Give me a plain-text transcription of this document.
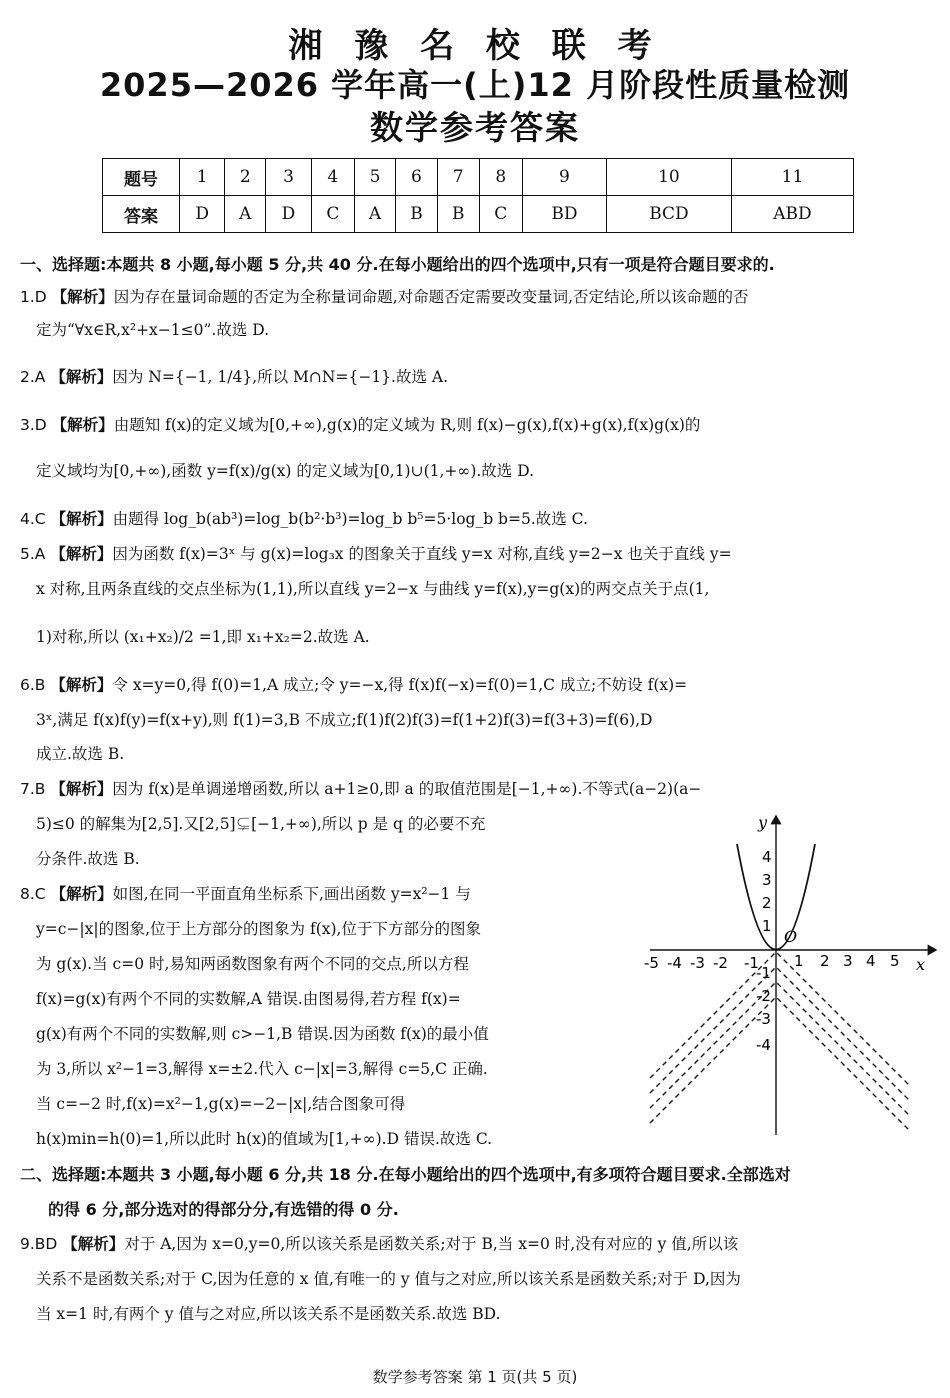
湘 豫 名 校 联 考
2025—2026 学年高一(上)12 月阶段性质量检测
数学参考答案
题号	1	2	3	4	5	6	7	8	9	10	11
答案	D	A	D	C	A	B	B	C	BD	BCD	ABD
一、选择题:本题共 8 小题,每小题 5 分,共 40 分.在每小题给出的四个选项中,只有一项是符合题目要求的.
1.D 【解析】因为存在量词命题的否定为全称量词命题,对命题否定需要改变量词,否定结论,所以该命题的否
定为“∀x∈R,x²+x−1≤0”.故选 D.
2.A 【解析】因为 N={−1, 1/4},所以 M∩N={−1}.故选 A.
3.D 【解析】由题知 f(x)的定义域为[0,+∞),g(x)的定义域为 R,则 f(x)−g(x),f(x)+g(x),f(x)g(x)的
定义域均为[0,+∞),函数 y=f(x)/g(x) 的定义域为[0,1)∪(1,+∞).故选 D.
4.C 【解析】由题得 log_b(ab³)=log_b(b²·b³)=log_b b⁵=5·log_b b=5.故选 C.
5.A 【解析】因为函数 f(x)=3ˣ 与 g(x)=log₃x 的图象关于直线 y=x 对称,直线 y=2−x 也关于直线 y=
x 对称,且两条直线的交点坐标为(1,1),所以直线 y=2−x 与曲线 y=f(x),y=g(x)的两交点关于点(1,
1)对称,所以 (x₁+x₂)/2 =1,即 x₁+x₂=2.故选 A.
6.B 【解析】令 x=y=0,得 f(0)=1,A 成立;令 y=−x,得 f(x)f(−x)=f(0)=1,C 成立;不妨设 f(x)=
3ˣ,满足 f(x)f(y)=f(x+y),则 f(1)=3,B 不成立;f(1)f(2)f(3)=f(1+2)f(3)=f(3+3)=f(6),D
成立.故选 B.
7.B 【解析】因为 f(x)是单调递增函数,所以 a+1≥0,即 a 的取值范围是[−1,+∞).不等式(a−2)(a−
5)≤0 的解集为[2,5].又[2,5]⊊[−1,+∞),所以 p 是 q 的必要不充
分条件.故选 B.
8.C 【解析】如图,在同一平面直角坐标系下,画出函数 y=x²−1 与
y=c−|x|的图象,位于上方部分的图象为 f(x),位于下方部分的图象
为 g(x).当 c=0 时,易知两函数图象有两个不同的交点,所以方程
f(x)=g(x)有两个不同的实数解,A 错误.由图易得,若方程 f(x)=
g(x)有两个不同的实数解,则 c>−1,B 错误.因为函数 f(x)的最小值
为 3,所以 x²−1=3,解得 x=±2.代入 c−|x|=3,解得 c=5,C 正确.
当 c=−2 时,f(x)=x²−1,g(x)=−2−|x|,结合图象可得
h(x)min=h(0)=1,所以此时 h(x)的值域为[1,+∞).D 错误.故选 C.
y
x
O
-5 -4 -3 -2 -1 1 2 3 4 5
4
3
2
1
-1
-2
-3
-4
二、选择题:本题共 3 小题,每小题 6 分,共 18 分.在每小题给出的四个选项中,有多项符合题目要求.全部选对
的得 6 分,部分选对的得部分分,有选错的得 0 分.
9.BD 【解析】对于 A,因为 x=0,y=0,所以该关系是函数关系;对于 B,当 x=0 时,没有对应的 y 值,所以该
关系不是函数关系;对于 C,因为任意的 x 值,有唯一的 y 值与之对应,所以该关系是函数关系;对于 D,因为
当 x=1 时,有两个 y 值与之对应,所以该关系不是函数关系.故选 BD.
数学参考答案 第 1 页(共 5 页)
